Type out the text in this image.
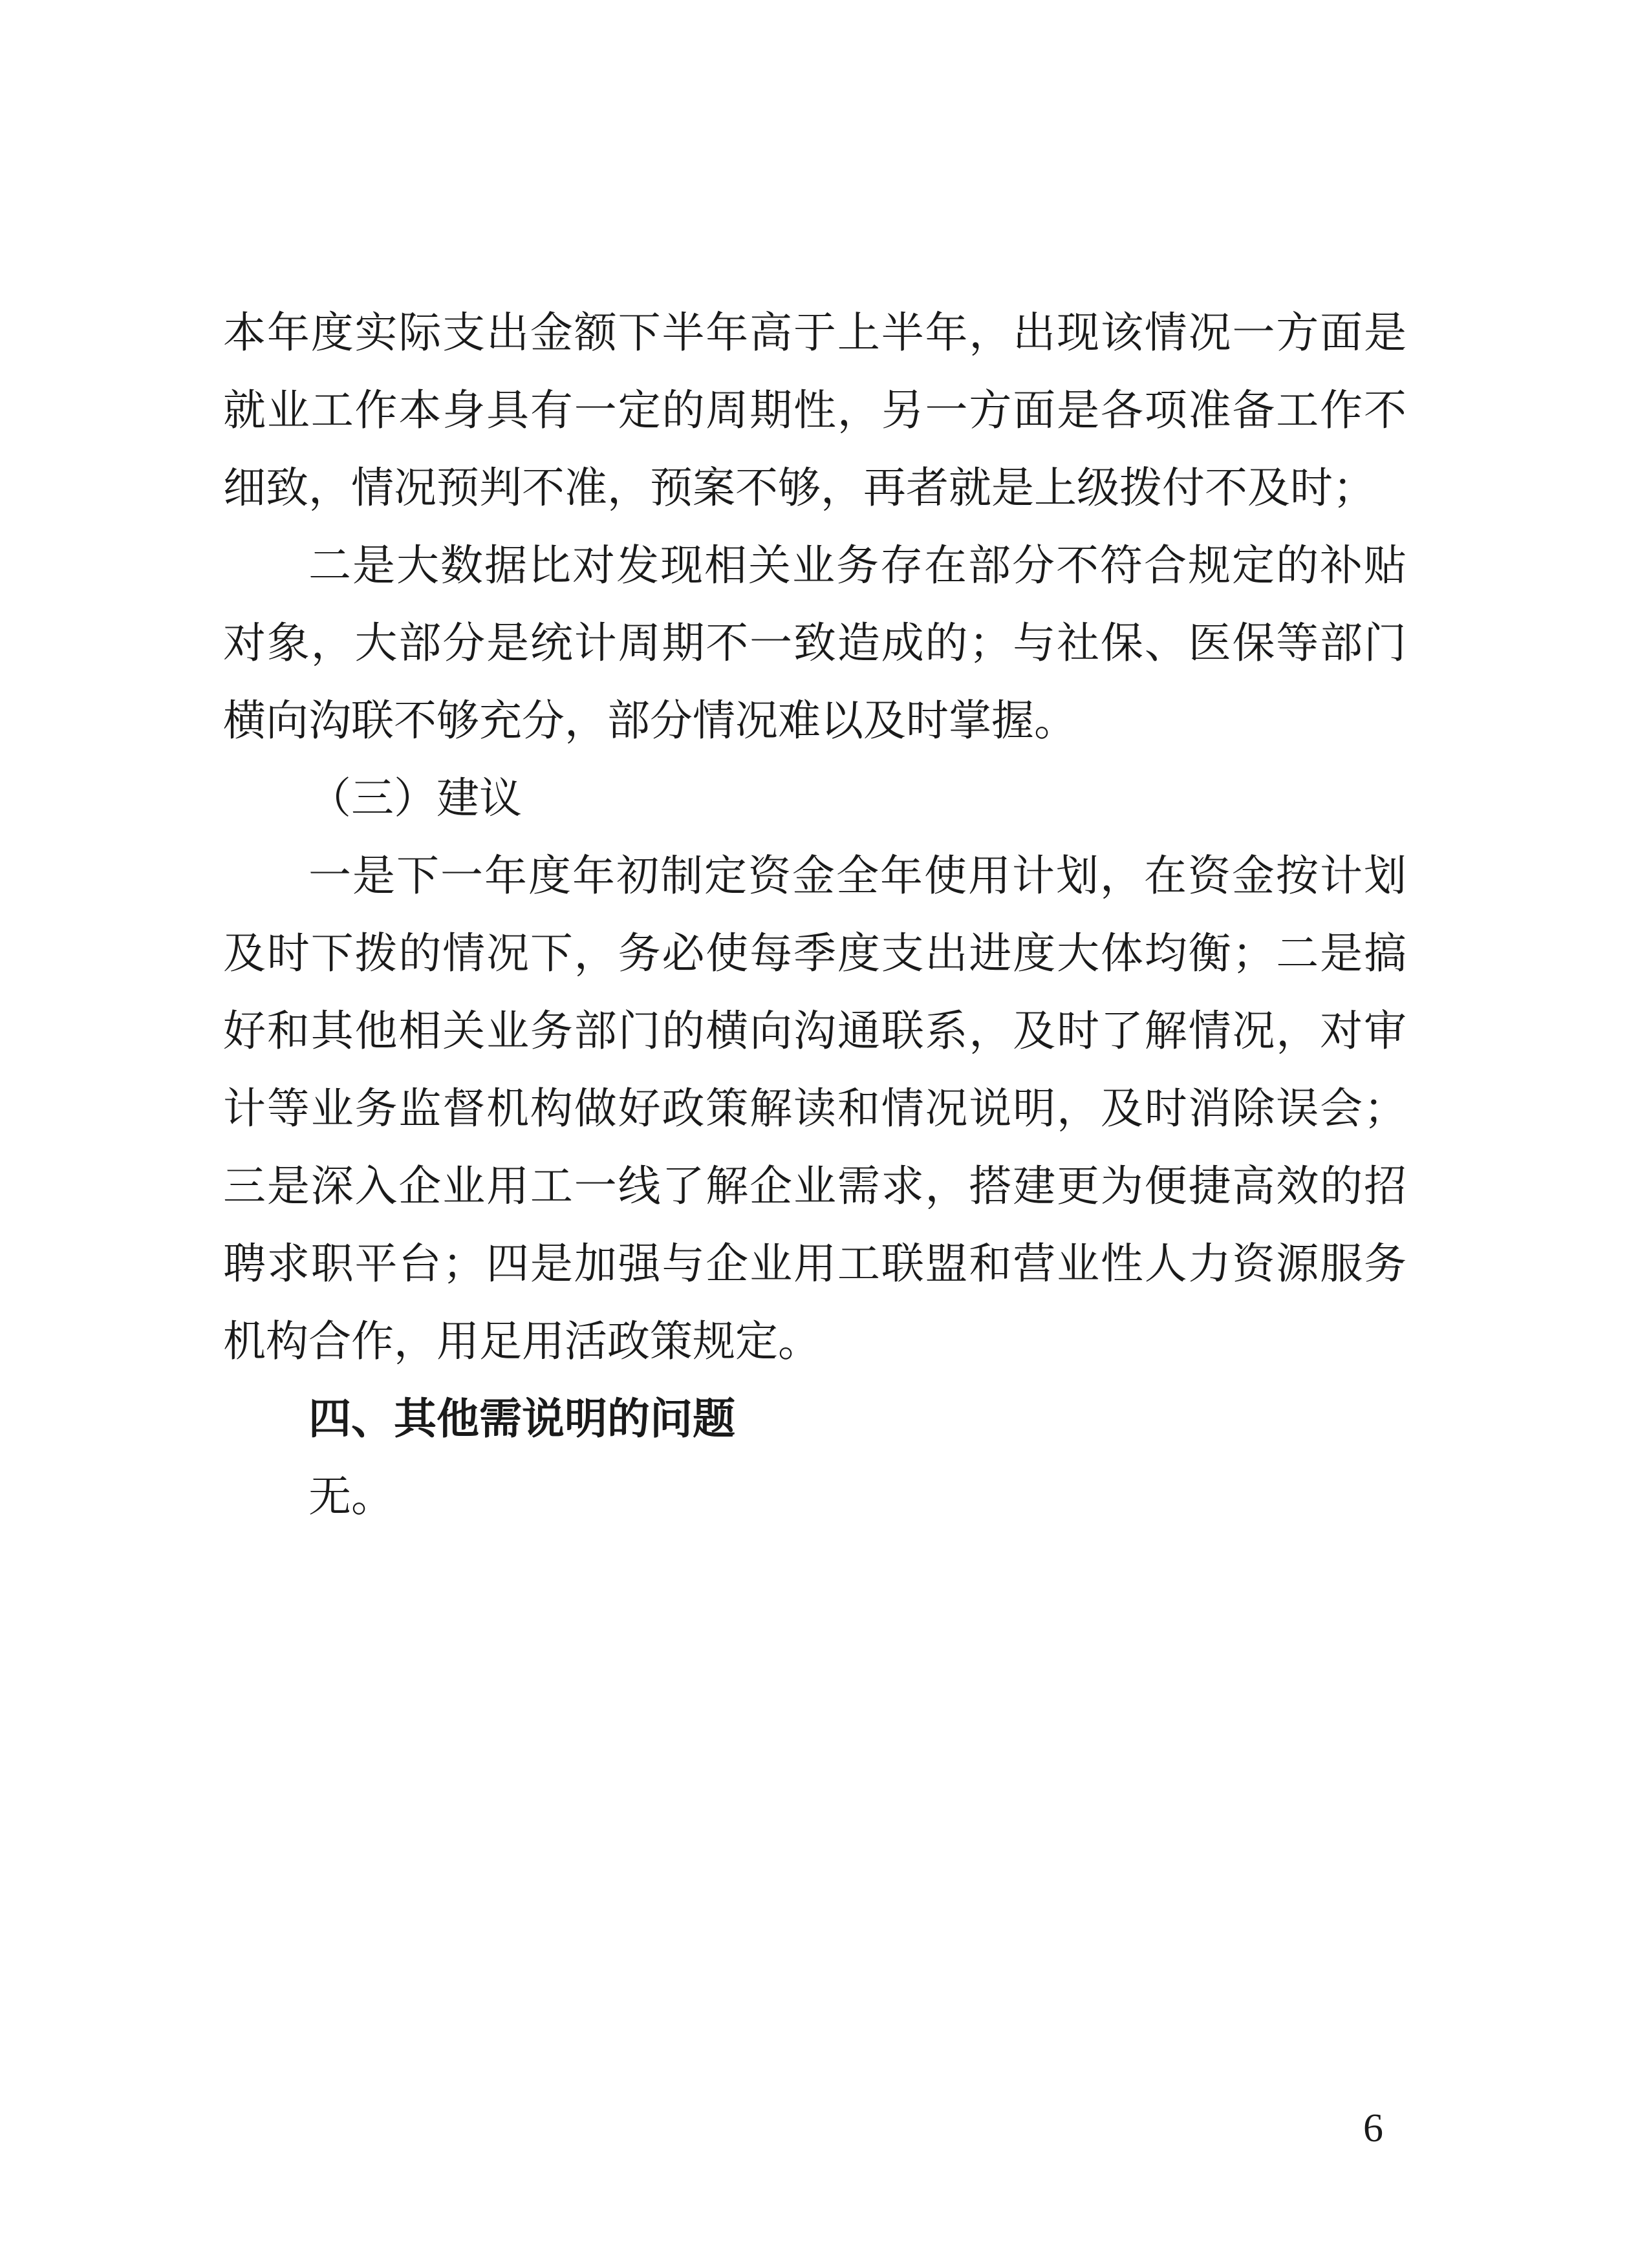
本年度实际支出金额下半年高于上半年，出现该情况一方面是
就业工作本身具有一定的周期性，另一方面是各项准备工作不
细致，情况预判不准，预案不够，再者就是上级拨付不及时；
二是大数据比对发现相关业务存在部分不符合规定的补贴
对象，大部分是统计周期不一致造成的；与社保、医保等部门
横向沟联不够充分，部分情况难以及时掌握。
（三）建议
一是下一年度年初制定资金全年使用计划，在资金按计划
及时下拨的情况下，务必使每季度支出进度大体均衡；二是搞
好和其他相关业务部门的横向沟通联系，及时了解情况，对审
计等业务监督机构做好政策解读和情况说明，及时消除误会；
三是深入企业用工一线了解企业需求，搭建更为便捷高效的招
聘求职平台；四是加强与企业用工联盟和营业性人力资源服务
机构合作，用足用活政策规定。
四、其他需说明的问题
无。
6
